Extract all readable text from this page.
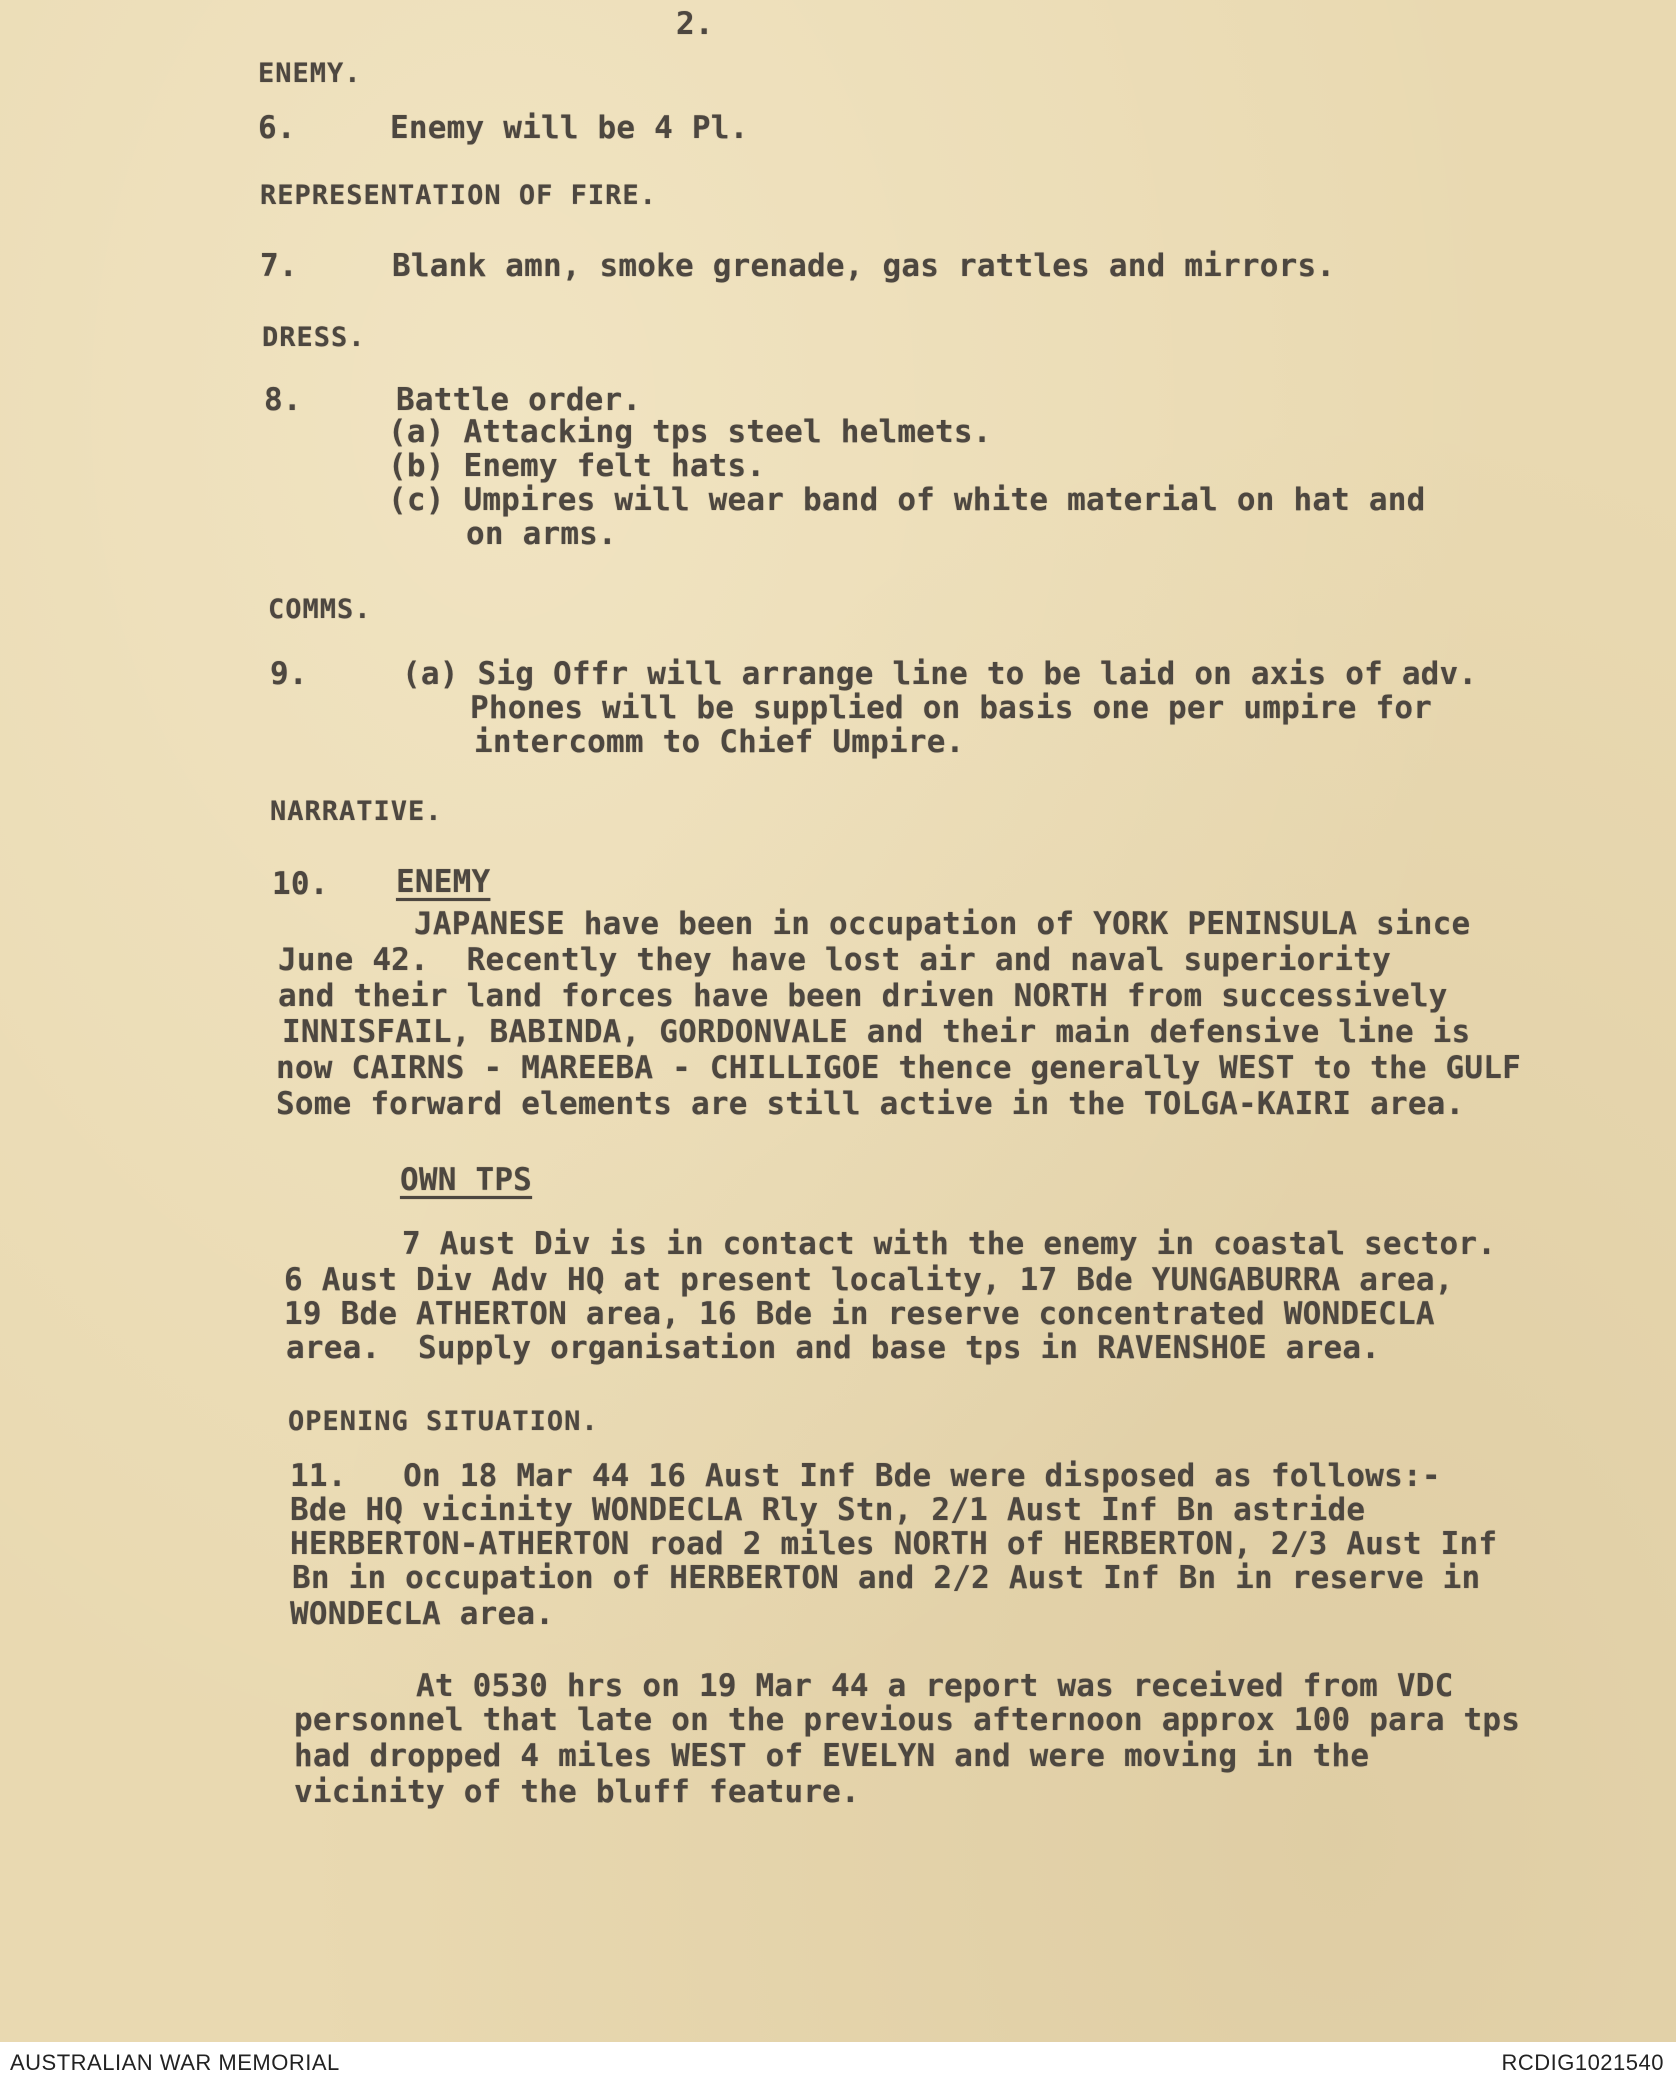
2.
ENEMY.
6.     Enemy will be 4 Pl.
REPRESENTATION OF FIRE.
7.     Blank amn, smoke grenade, gas rattles and mirrors.
DRESS.
8.     Battle order.
(a) Attacking tps steel helmets.
(b) Enemy felt hats.
(c) Umpires will wear band of white material on hat and
on arms.
COMMS.
9.     (a) Sig Offr will arrange line to be laid on axis of adv.
Phones will be supplied on basis one per umpire for
intercomm to Chief Umpire.
NARRATIVE.
10. ENEMY
JAPANESE have been in occupation of YORK PENINSULA since
June 42.  Recently they have lost air and naval superiority
and their land forces have been driven NORTH from successively
INNISFAIL, BABINDA, GORDONVALE and their main defensive line is
now CAIRNS - MAREEBA - CHILLIGOE thence generally WEST to the GULF
Some forward elements are still active in the TOLGA-KAIRI area.
OWN TPS
7 Aust Div is in contact with the enemy in coastal sector.
6 Aust Div Adv HQ at present locality, 17 Bde YUNGABURRA area,
19 Bde ATHERTON area, 16 Bde in reserve concentrated WONDECLA
area.  Supply organisation and base tps in RAVENSHOE area.
OPENING SITUATION.
11.   On 18 Mar 44 16 Aust Inf Bde were disposed as follows:-
Bde HQ vicinity WONDECLA Rly Stn, 2/1 Aust Inf Bn astride
HERBERTON-ATHERTON road 2 miles NORTH of HERBERTON, 2/3 Aust Inf
Bn in occupation of HERBERTON and 2/2 Aust Inf Bn in reserve in
WONDECLA area.
At 0530 hrs on 19 Mar 44 a report was received from VDC
personnel that late on the previous afternoon approx 100 para tps
had dropped 4 miles WEST of EVELYN and were moving in the
vicinity of the bluff feature.
AUSTRALIAN WAR MEMORIAL	RCDIG1021540
